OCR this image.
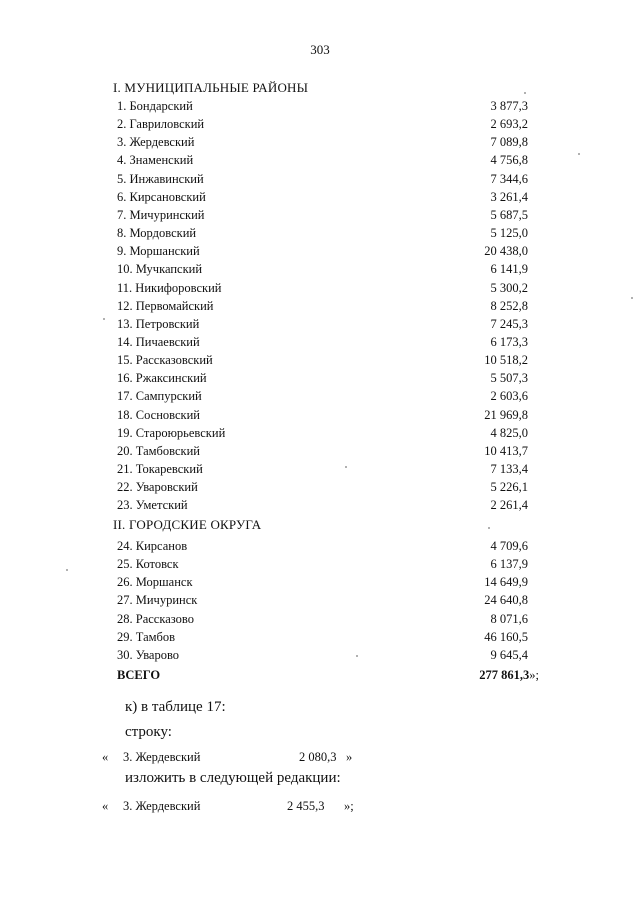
303
I. МУНИЦИПАЛЬНЫЕ РАЙОНЫ
1. Бондарский	3 877,3
2. Гавриловский	2 693,2
3. Жердевский	7 089,8
4. Знаменский	4 756,8
5. Инжавинский	7 344,6
6. Кирсановский	3 261,4
7. Мичуринский	5 687,5
8. Мордовский	5 125,0
9. Моршанский	20 438,0
10. Мучкапский	6 141,9
11. Никифоровский	5 300,2
12. Первомайский	8 252,8
13. Петровский	7 245,3
14. Пичаевский	6 173,3
15. Рассказовский	10 518,2
16. Ржаксинский	5 507,3
17. Сампурский	2 603,6
18. Сосновский	21 969,8
19. Староюрьевский	4 825,0
20. Тамбовский	10 413,7
21. Токаревский	7 133,4
22. Уваровский	5 226,1
23. Уметский	2 261,4
II. ГОРОДСКИЕ ОКРУГА
24. Кирсанов	4 709,6
25. Котовск	6 137,9
26. Моршанск	14 649,9
27. Мичуринск	24 640,8
28. Рассказово	8 071,6
29. Тамбов	46 160,5
30. Уварово	9 645,4
ВСЕГО	277 861,3»;
к) в таблице 17:
строку:
« 3. Жердевский	2 080,3 »
изложить в следующей редакции:
« 3. Жердевский	2 455,3 »;
